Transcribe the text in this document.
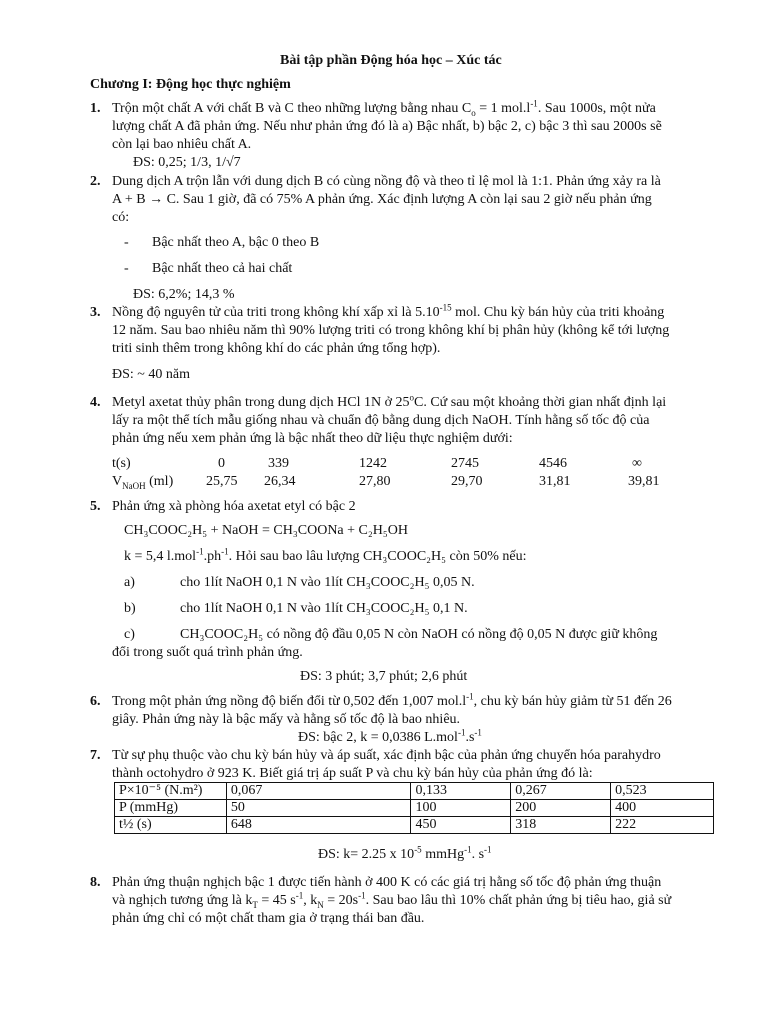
Bài tập phần Động hóa học – Xúc tác
Chương I: Động học thực nghiệm
1. Trộn một chất A với chất B và C theo những lượng bằng nhau $C_o = 1$ $mol.l^{-1}$. Sau 1000s, một nửa
lượng chất A đã phản ứng. Nếu như phản ứng đó là a) Bậc nhất, b) bậc 2, c) bậc 3 thì sau 2000s sẽ
còn lại bao nhiêu chất A.
ĐS: 0,25; 1/3, 1/√7
2. Dung dịch A trộn lẫn với dung dịch B có cùng nồng độ và theo tỉ lệ mol là 1:1. Phản ứng xảy ra là
A + B → C. Sau 1 giờ, đã có 75% A phản ứng. Xác định lượng A còn lại sau 2 giờ nếu phản ứng
có:
- Bậc nhất theo A, bậc 0 theo B
- Bậc nhất theo cả hai chất
ĐS: 6,2%; 14,3 %
3. Nồng độ nguyên tử của triti trong không khí xấp xỉ là $5.10^{-15}$ mol. Chu kỳ bán hủy của triti khoảng
12 năm. Sau bao nhiêu năm thì 90% lượng triti có trong không khí bị phân hủy (không kể tới lượng
triti sinh thêm trong không khí do các phản ứng tổng hợp).
ĐS: ~ 40 năm
4. Metyl axetat thủy phân trong dung dịch HCl 1N ở 25$^o$C. Cứ sau một khoảng thời gian nhất định lại
lấy ra một thể tích mẫu giống nhau và chuẩn độ bằng dung dịch NaOH. Tính hằng số tốc độ của
phản ứng nếu xem phản ứng là bậc nhất theo dữ liệu thực nghiệm dưới:
t(s)	0	339	1242	2745	4546	∞
$V_{NaOH}$ (ml) 25,75 26,34	27,80	29,70	31,81	39,81
5. Phản ứng xà phòng hóa axetat etyl có bậc 2
CH₃COOC₂H₅ + NaOH = CH₃COONa + C₂H₅OH
k = 5,4 $l.mol^{-1}.ph^{-1}$. Hỏi sau bao lâu lượng CH₃COOC₂H₅ còn 50% nếu:
a)	cho 1lít NaOH 0,1 N vào 1lít CH₃COOC₂H₅ 0,05 N.
b)	cho 1lít NaOH 0,1 N vào 1lít CH₃COOC₂H₅ 0,1 N.
c)	CH₃COOC₂H₅ có nồng độ đầu 0,05 N còn NaOH có nồng độ 0,05 N được giữ không
đổi trong suốt quá trình phản ứng.
ĐS: 3 phút; 3,7 phút; 2,6 phút
6. Trong một phản ứng nồng độ biến đổi từ 0,502 đến 1,007 $mol.l^{-1}$, chu kỳ bán hủy giảm từ 51 đến 26
giây. Phản ứng này là bậc mấy và hằng số tốc độ là bao nhiêu.
ĐS: bậc 2, k = 0,0386 $L.mol^{-1}.s^{-1}$
7. Từ sự phụ thuộc vào chu kỳ bán hủy và áp suất, xác định bậc của phản ứng chuyển hóa parahydro
thành octohydro ở 923 K. Biết giá trị áp suất P và chu kỳ bán hủy của phản ứng đó là:
P×10⁻⁵ (N.m²)	0,067	0,133	0,267	0,523
P (mmHg)	50	100	200	400
t½ (s)	648	450	318	222
ĐS: k= 2.25 x $10^{-5}$ mmHg$^{-1}$. $s^{-1}$
8. Phản ứng thuận nghịch bậc 1 được tiến hành ở 400 K có các giá trị hằng số tốc độ phản ứng thuận
và nghịch tương ứng là $k_T = 45$ $s^{-1}$, $k_N = 20s^{-1}$. Sau bao lâu thì 10% chất phản ứng bị tiêu hao, giả sử
phản ứng chỉ có một chất tham gia ở trạng thái ban đầu.
